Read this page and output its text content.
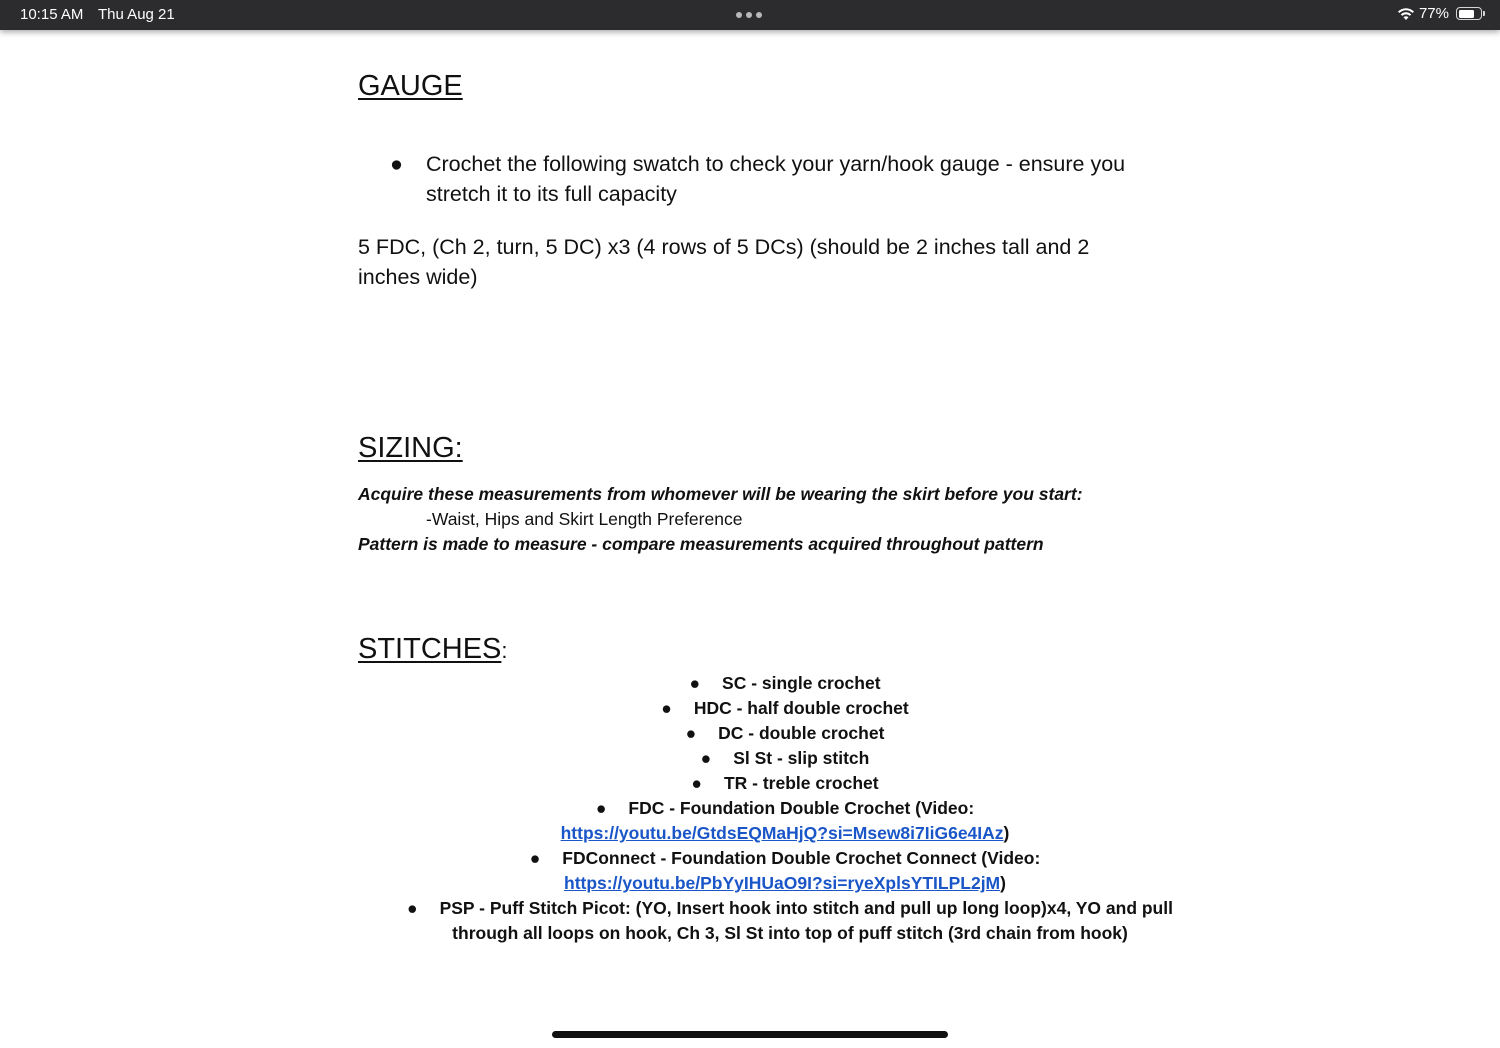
10:15 AM Thu Aug 21	77%
GAUGE
● Crochet the following swatch to check your yarn/hook gauge - ensure you stretch it to its full capacity

5 FDC, (Ch 2, turn, 5 DC) x3 (4 rows of 5 DCs) (should be 2 inches tall and 2 inches wide)

SIZING:
Acquire these measurements from whomever will be wearing the skirt before you start:
-Waist, Hips and Skirt Length Preference
Pattern is made to measure - compare measurements acquired throughout pattern
STITCHES:
● SC - single crochet
● HDC - half double crochet
● DC - double crochet
● Sl St - slip stitch
● TR - treble crochet
● FDC - Foundation Double Crochet (Video:
https://youtu.be/GtdsEQMaHjQ?si=Msew8i7IiG6e4IAz)
● FDConnect - Foundation Double Crochet Connect (Video:
https://youtu.be/PbYyIHUaO9I?si=ryeXplsYTILPL2jM)
● PSP - Puff Stitch Picot: (YO, Insert hook into stitch and pull up long loop)x4, YO and pull through all loops on hook, Ch 3, Sl St into top of puff stitch (3rd chain from hook)
